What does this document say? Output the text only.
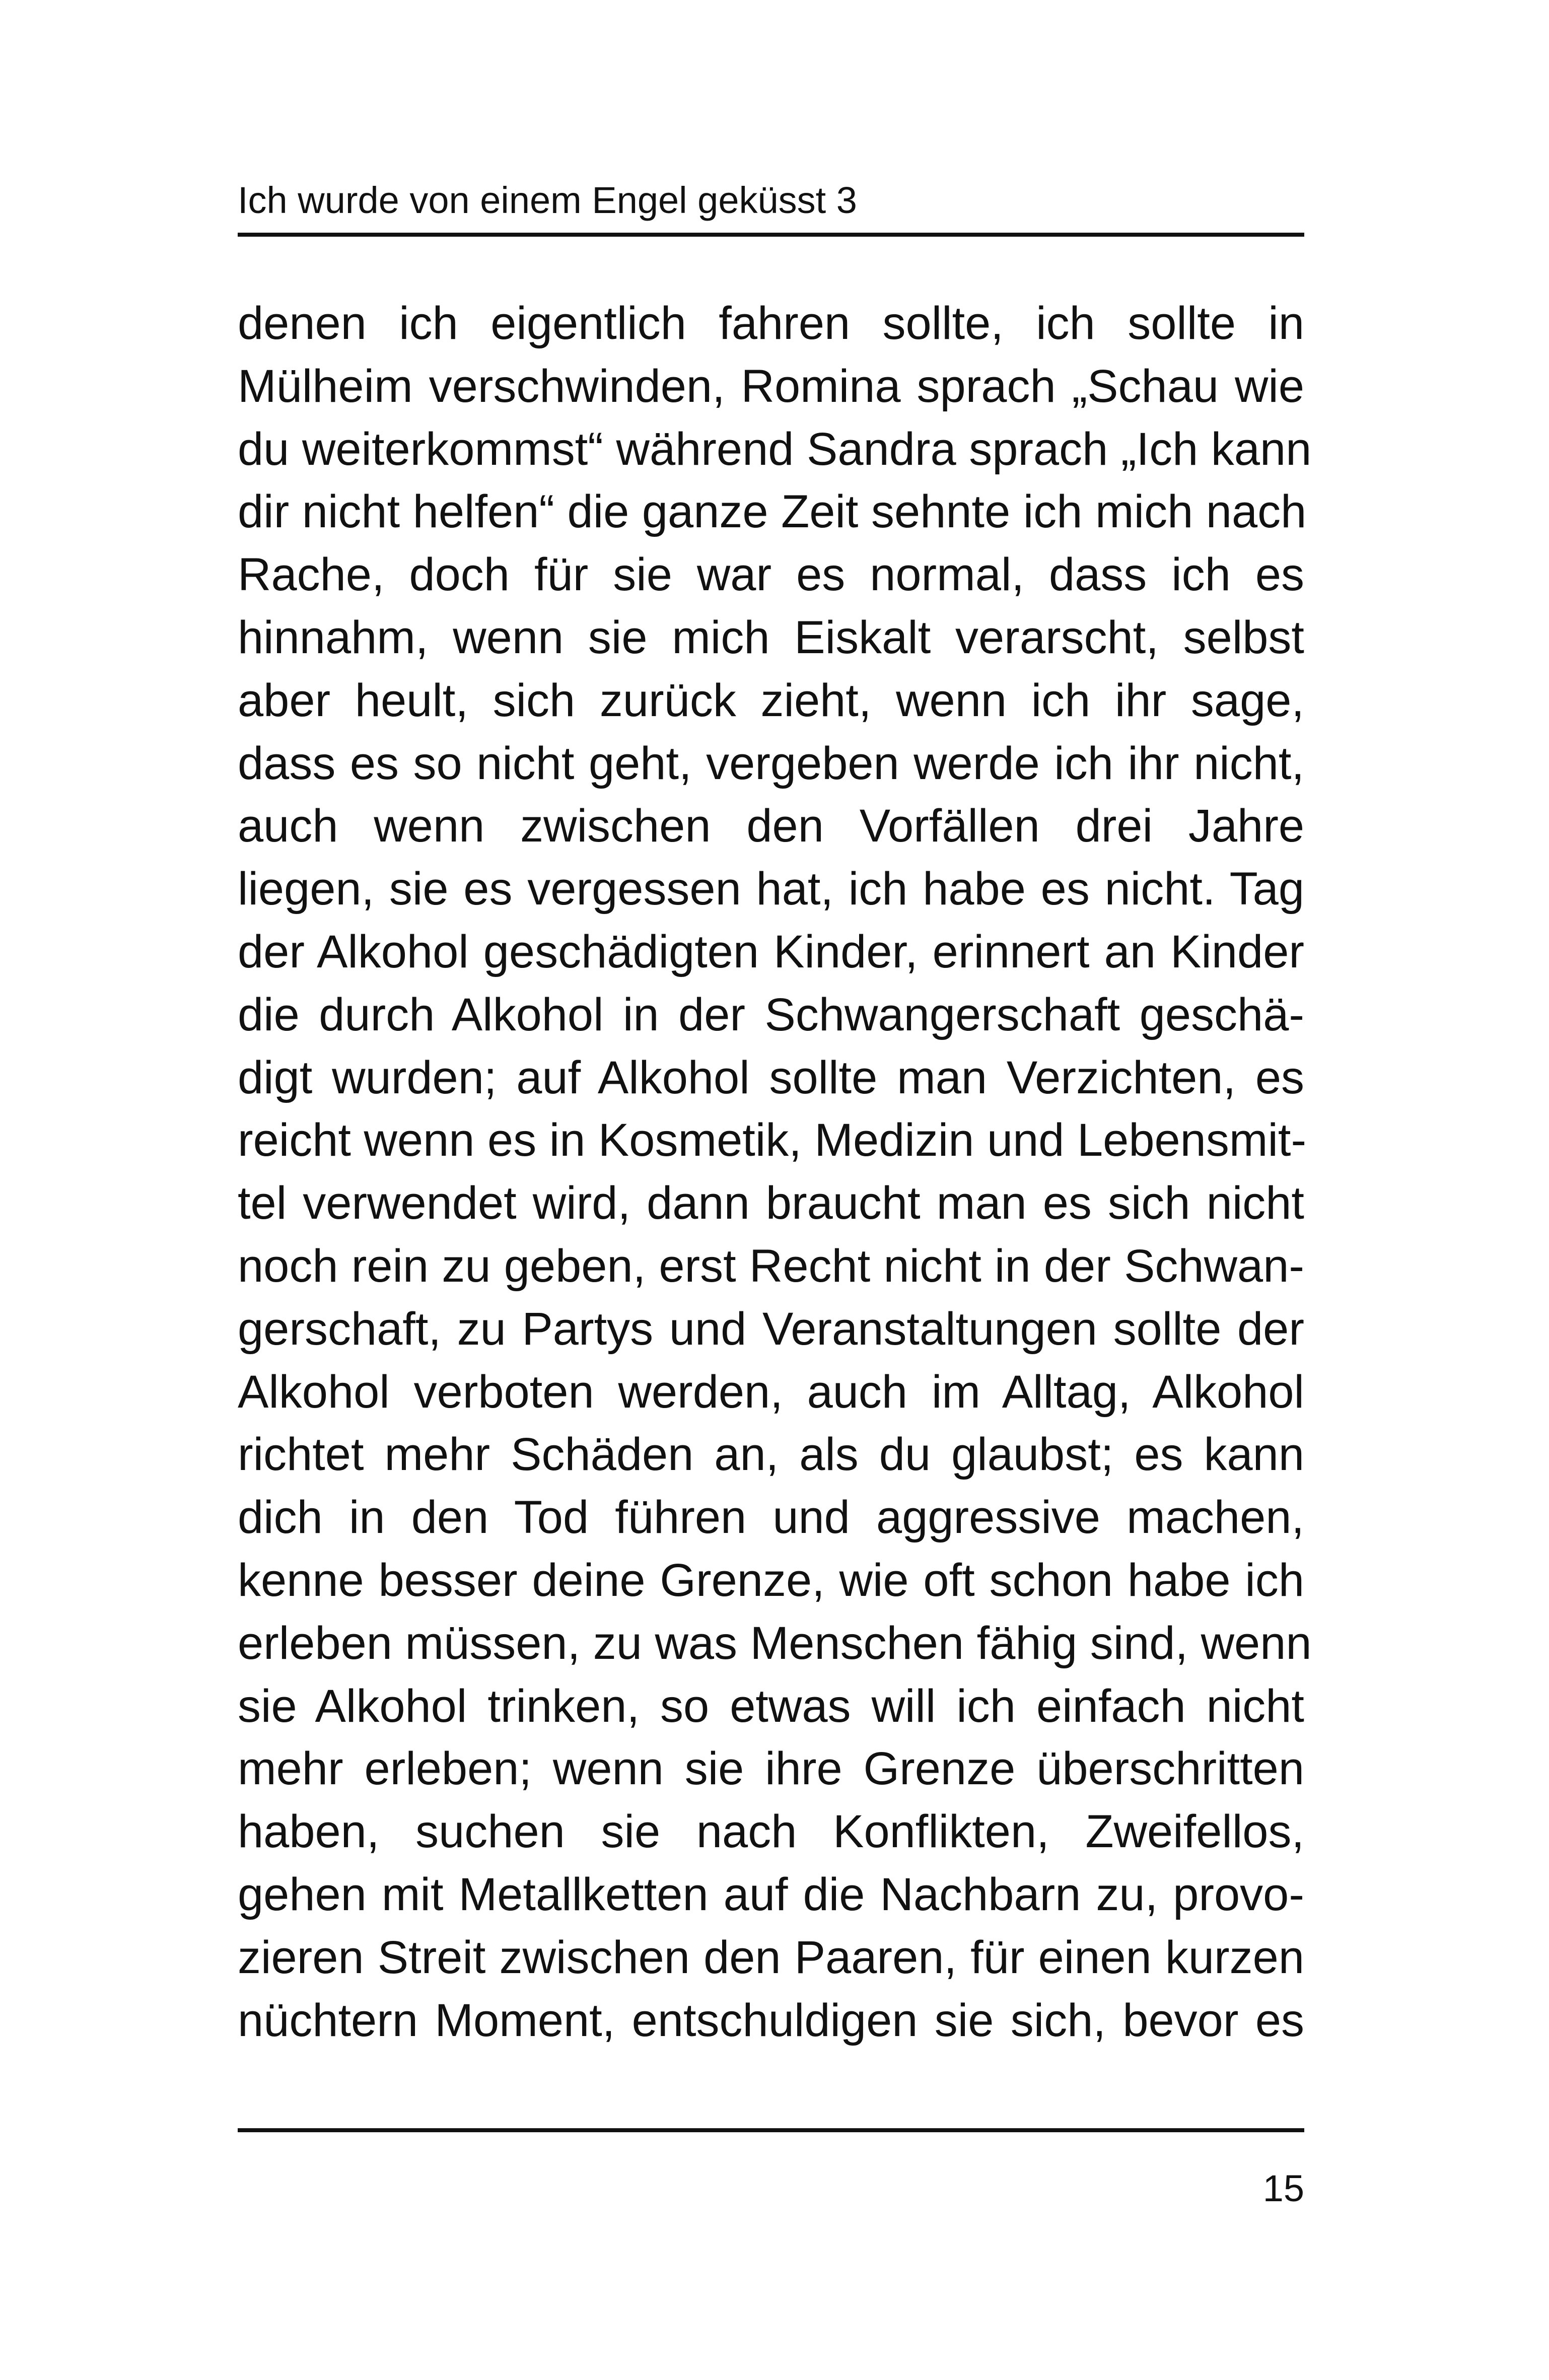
Ich wurde von einem Engel geküsst 3
denen ich eigentlich fahren sollte, ich sollte in
Mülheim verschwinden, Romina sprach „Schau wie
du weiterkommst“ während Sandra sprach „Ich kann
dir nicht helfen“ die ganze Zeit sehnte ich mich nach
Rache, doch für sie war es normal, dass ich es
hinnahm, wenn sie mich Eiskalt verarscht, selbst
aber heult, sich zurück zieht, wenn ich ihr sage,
dass es so nicht geht, vergeben werde ich ihr nicht,
auch wenn zwischen den Vorfällen drei Jahre
liegen, sie es vergessen hat, ich habe es nicht. Tag
der Alkohol geschädigten Kinder, erinnert an Kinder
die durch Alkohol in der Schwangerschaft geschä-
digt wurden; auf Alkohol sollte man Verzichten, es
reicht wenn es in Kosmetik, Medizin und Lebensmit-
tel verwendet wird, dann braucht man es sich nicht
noch rein zu geben, erst Recht nicht in der Schwan-
gerschaft, zu Partys und Veranstaltungen sollte der
Alkohol verboten werden, auch im Alltag, Alkohol
richtet mehr Schäden an, als du glaubst; es kann
dich in den Tod führen und aggressive machen,
kenne besser deine Grenze, wie oft schon habe ich
erleben müssen, zu was Menschen fähig sind, wenn
sie Alkohol trinken, so etwas will ich einfach nicht
mehr erleben; wenn sie ihre Grenze überschritten
haben, suchen sie nach Konflikten, Zweifellos,
gehen mit Metallketten auf die Nachbarn zu, provo-
zieren Streit zwischen den Paaren, für einen kurzen
nüchtern Moment, entschuldigen sie sich, bevor es
15
